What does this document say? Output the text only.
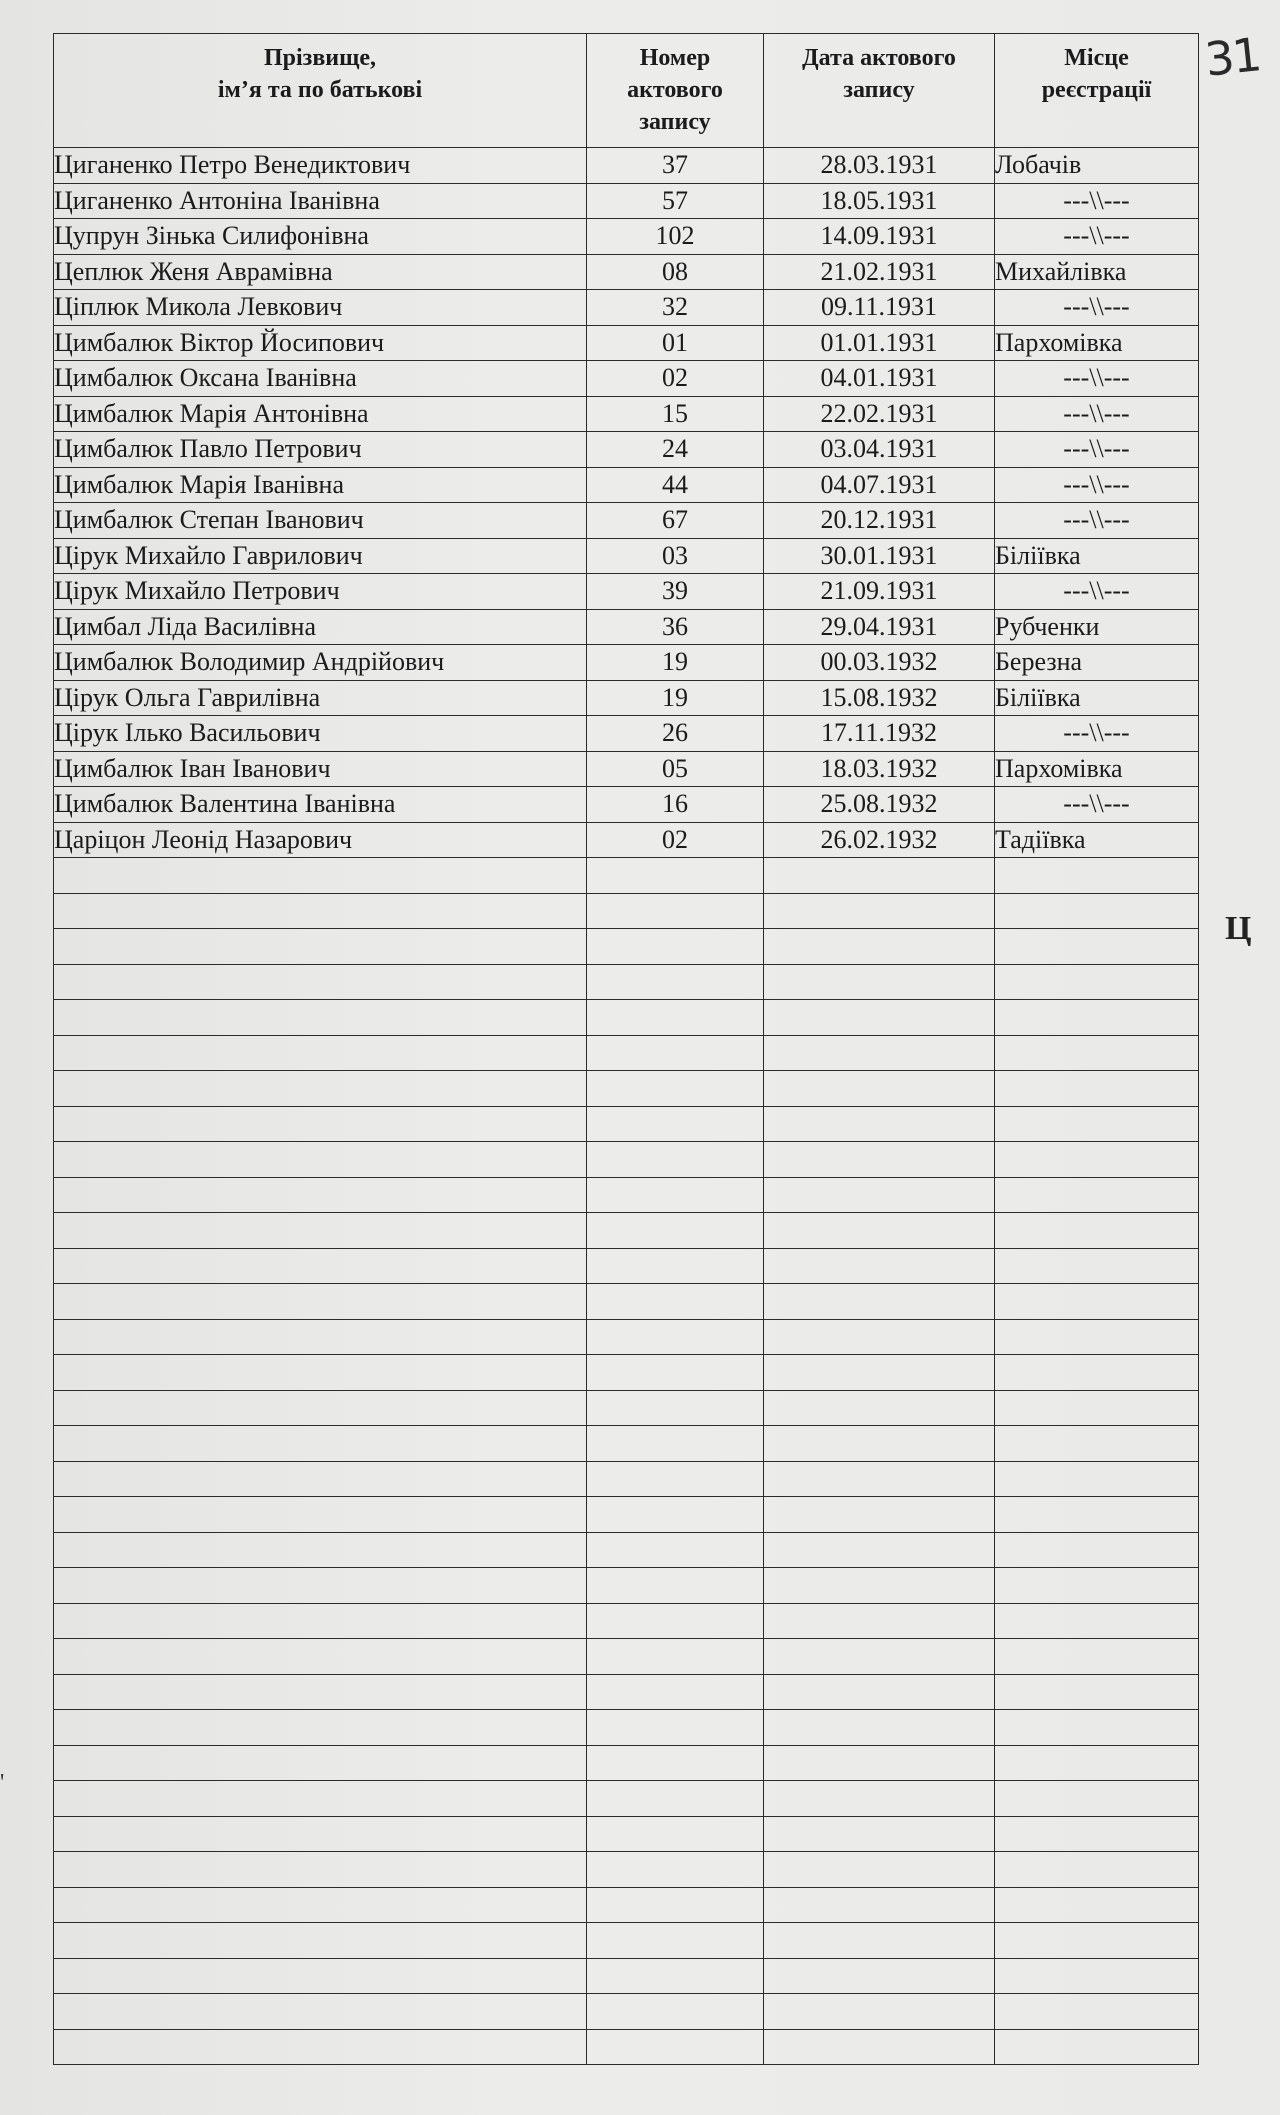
31
Ц
'
Прізвище,
ім’я та по батькові	Номер
актового
запису	Дата актового
запису	Місце
реєстрації
Циганенко Петро Венедиктович	37	28.03.1931	Лобачів
Циганенко Антоніна Іванівна	57	18.05.1931	---\\---
Цупрун Зінька Силифонівна	102	14.09.1931	---\\---
Цеплюк Женя Аврамівна	08	21.02.1931	Михайлівка
Ціплюк Микола Левкович	32	09.11.1931	---\\---
Цимбалюк Віктор Йосипович	01	01.01.1931	Пархомівка
Цимбалюк Оксана Іванівна	02	04.01.1931	---\\---
Цимбалюк Марія Антонівна	15	22.02.1931	---\\---
Цимбалюк Павло Петрович	24	03.04.1931	---\\---
Цимбалюк Марія Іванівна	44	04.07.1931	---\\---
Цимбалюк Степан Іванович	67	20.12.1931	---\\---
Цірук Михайло Гаврилович	03	30.01.1931	Біліївка
Цірук Михайло Петрович	39	21.09.1931	---\\---
Цимбал Ліда Василівна	36	29.04.1931	Рубченки
Цимбалюк Володимир Андрійович	19	00.03.1932	Березна
Цірук Ольга Гаврилівна	19	15.08.1932	Біліївка
Цірук Ілько Васильович	26	17.11.1932	---\\---
Цимбалюк Іван Іванович	05	18.03.1932	Пархомівка
Цимбалюк Валентина Іванівна	16	25.08.1932	---\\---
Царіцон Леонід Назарович	02	26.02.1932	Тадіївка
